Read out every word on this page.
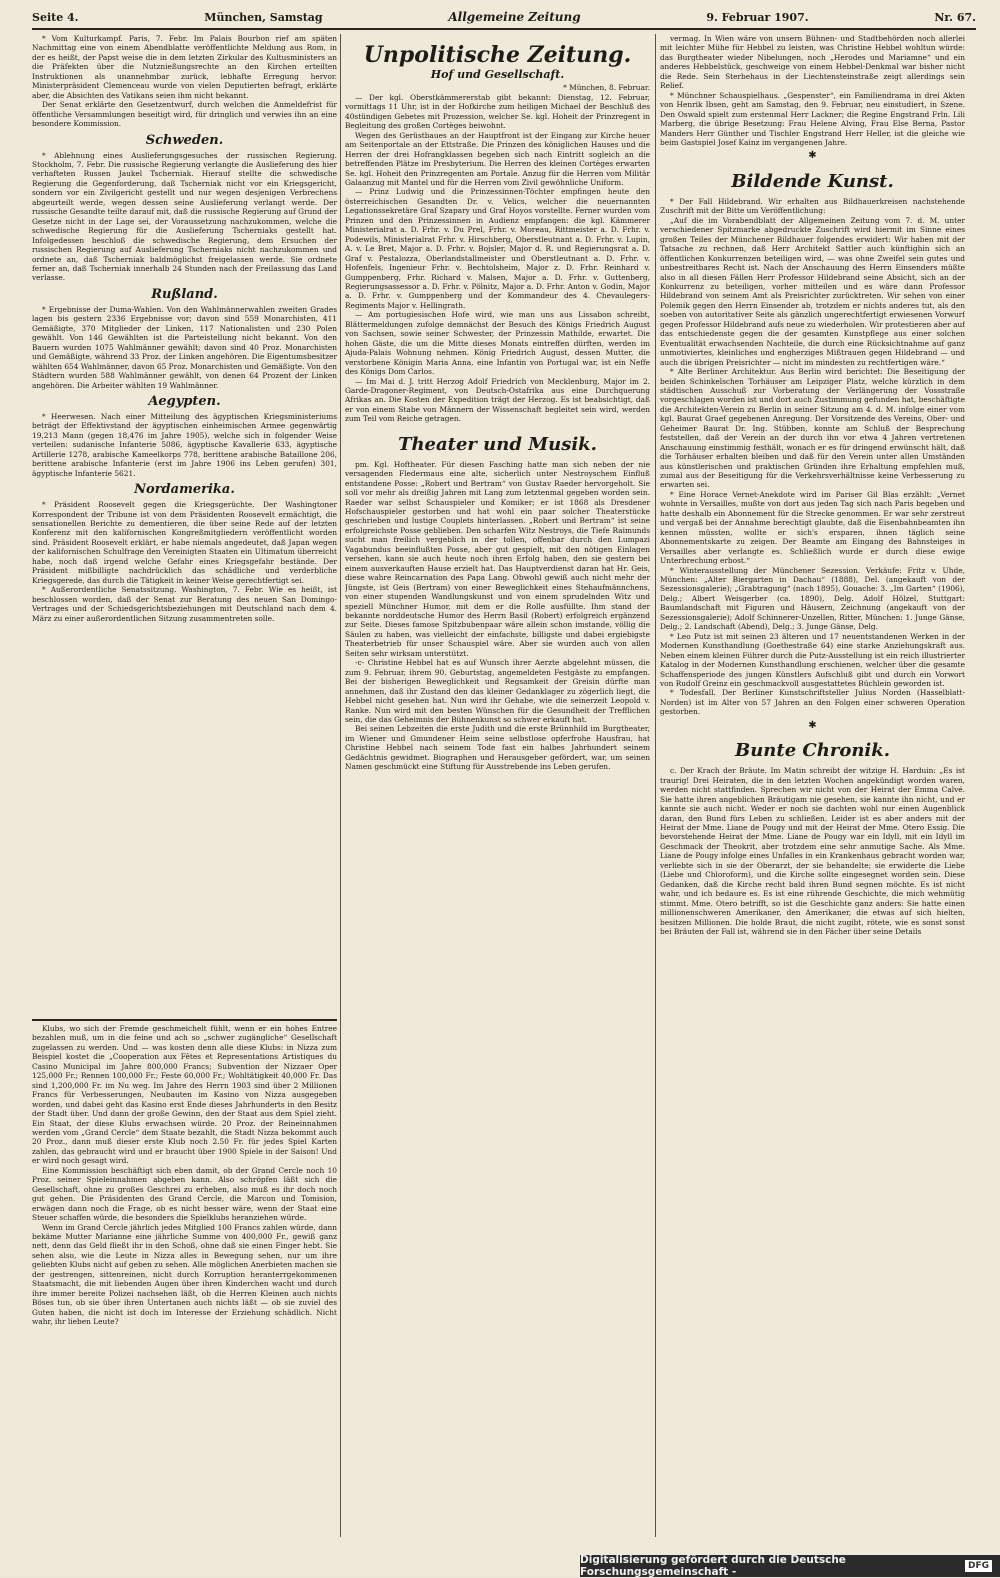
Seite 4.	München, Samstag	Allgemeine Zeitung	9. Februar 1907.	Nr. 67.

* Vom Kulturkampf. Paris, 7. Febr. Im Palais Bourbon rief am späten Nachmittag eine von einem Abendblatte veröffentlichte Meldung aus Rom, in der es heißt, der Papst weise die in dem letzten Zirkular des Kultusministers an die Präfekten über die Nutznießungsrechte an den Kirchen erteilten Instruktionen als unannehmbar zurück, lebhafte Erregung hervor. Ministerpräsident Clemenceau wurde von vielen Deputierten befragt, erklärte aber, die Absichten des Vatikans seien ihm nicht bekannt.

Der Senat erklärte den Gesetzentwurf, durch welchen die Anmeldefrist für öffentliche Versammlungen beseitigt wird, für dringlich und verwies ihn an eine besondere Kommission.

Schweden.

* Ablehnung eines Auslieferungsgesuches der russischen Regierung. Stockholm, 7. Febr. Die russische Regierung verlangte die Auslieferung des hier verhafteten Russen Jaukel Tscherniak. Hierauf stellte die schwedische Regierung die Gegenforderung, daß Tscherniak nicht vor ein Kriegsgericht, sondern vor ein Zivilgericht gestellt und nur wegen desjenigen Verbrechens abgeurteilt werde, wegen dessen seine Auslieferung verlangt werde. Der russische Gesandte teilte darauf mit, daß die russische Regierung auf Grund der Gesetze nicht in der Lage sei, der Voraussetzung nachzukommen, welche die schwedische Regierung für die Auslieferung Tscherniaks gestellt hat. Infolgedessen beschloß die schwedische Regierung, dem Ersuchen der russischen Regierung auf Auslieferung Tscherniaks nicht nachzukommen und ordnete an, daß Tscherniak baldmöglichst freigelassen werde. Sie ordnete ferner an, daß Tscherniak innerhalb 24 Stunden nach der Freilassung das Land verlasse.

Rußland.

* Ergebnisse der Duma-Wahlen. Von den Wahlmännerwahlen zweiten Grades lagen bis gestern 2336 Ergebnisse vor; davon sind 559 Monarchisten, 411 Gemäßigte, 370 Mitglieder der Linken, 117 Nationalisten und 230 Polen gewählt. Von 146 Gewählten ist die Parteistellung nicht bekannt. Von den Bauern wurden 1075 Wahlmänner gewählt; davon sind 40 Proz. Monarchisten und Gemäßigte, während 33 Proz. der Linken angehören. Die Eigentumsbesitzer wählten 654 Wahlmänner, davon 65 Proz. Monarchisten und Gemäßigte. Von den Städtern wurden 588 Wahlmänner gewählt, von denen 64 Prozent der Linken angehören. Die Arbeiter wählten 19 Wahlmänner.

Aegypten.

* Heerwesen. Nach einer Mitteilung des ägyptischen Kriegsministeriums beträgt der Effektivstand der ägyptischen einheimischen Armee gegenwärtig 19,213 Mann (gegen 18,476 im Jahre 1905), welche sich in folgender Weise verteilen: sudanische Infanterie 5086, ägyptische Kavallerie 633, ägyptische Artillerie 1278, arabische Kameelkorps 778, berittene arabische Bataillone 206, berittene arabische Infanterie (erst im Jahre 1906 ins Leben gerufen) 301, ägyptische Infanterie 5621.

Nordamerika.

* Präsident Roosevelt gegen die Kriegsgerüchte. Der Washingtoner Korrespondent der Tribune ist von dem Präsidenten Roosevelt ermächtigt, die sensationellen Berichte zu dementieren, die über seine Rede auf der letzten Konferenz mit den kalifornischen Kongreßmitgliedern veröffentlicht worden sind. Präsident Roosevelt erklärt, er habe niemals angedeutet, daß Japan wegen der kalifornischen Schulfrage den Vereinigten Staaten ein Ultimatum überreicht habe, noch daß irgend welche Gefahr eines Kriegsgefahr bestände. Der Präsident mißbilligte nachdrücklich das schädliche und verderbliche Kriegsgerede, das durch die Tätigkeit in keiner Weise gerechtfertigt sei.

* Außerordentliche Senatssitzung. Washington, 7. Febr. Wie es heißt, ist beschlossen worden, daß der Senat zur Beratung des neuen San Domingo-Vertrages und der Schiedsgerichtsbeziehungen mit Deutschland nach dem 4. März zu einer außerordentlichen Sitzung zusammentreten solle.

Klubs, wo sich der Fremde geschmeichelt fühlt, wenn er ein hohes Entree bezahlen muß, um in die feine und ach so „schwer zugängliche“ Gesellschaft zugelassen zu werden. Und — was kosten denn alle diese Klubs: in Nizza zum Beispiel kostet die „Cooperation aux Fêtes et Representations Artistiques du Casino Municipal im Jahre 800,000 Francs; Subvention der Nizzaer Oper 125,000 Fr.; Rennen 100,000 Fr.; Feste 60,000 Fr.; Wohltätigkeit 40,000 Fr. Das sind 1,200,000 Fr. im Nu weg. Im Jahre des Herrn 1903 sind über 2 Millionen Francs für Verbesserungen, Neubauten im Kasino von Nizza ausgegeben worden, und dabei geht das Kasino erst Ende dieses Jahrhunderts in den Besitz der Stadt über. Und dann der große Gewinn, den der Staat aus dem Spiel zieht. Ein Staat, der diese Klubs erwachsen würde. 20 Proz. der Reineinnahmen werden vom „Grand Cercle“ dem Staate bezahlt, die Stadt Nizza bekommt auch 20 Proz., dann muß dieser erste Klub noch 2.50 Fr. für jedes Spiel Karten zahlen, das gebraucht wird und er braucht über 1900 Spiele in der Saison! Und er wird noch gesagt wird.

Eine Kommission beschäftigt sich eben damit, ob der Grand Cercle noch 10 Proz. seiner Spieleinnahmen abgeben kann. Also schröpfen läßt sich die Gesellschaft, ohne zu großes Geschrei zu erheben, also muß es ihr doch noch gut gehen. Die Präsidenten des Grand Cercle, die Marcon und Tomision, erwägen dann noch die Frage, ob es nicht besser wäre, wenn der Staat eine Steuer schaffen würde, die besonders die Spielklubs heranziehen würde.

Wenn im Grand Cercle jährlich jedes Mitglied 100 Francs zahlen würde, dann bekäme Mutter Marianne eine jährliche Summe von 400,000 Fr., gewiß ganz nett, denn das Geld fließt ihr in den Schoß, ohne daß sie einen Finger hebt. Sie sehen also, wie die Leute in Nizza alles in Bewegung sehen, nur um ihre geliebten Klubs nicht auf geben zu sehen. Alle möglichen Anerbieten machen sie der gestrengen, sittenreinen, nicht durch Korruption heranterrgekommenen Staatsmacht, die mit liebenden Augen über ihren Kinderchen wacht und durch ihre immer bereite Polizei nachsehen läßt, ob die Herren Kleinen auch nichts Böses tun, ob sie über ihren Untertanen auch nichts läßt — ob sie zuviel des Guten haben, die nicht ist doch im Interesse der Erziehung schädlich. Nicht wahr, ihr lieben Leute?

Unpolitische Zeitung.
Hof und Gesellschaft.

* München, 8. Februar.

— Der kgl. Oberstkämmererstab gibt bekannt: Dienstag, 12. Februar, vormittags 11 Uhr, ist in der Hofkirche zum heiligen Michael der Beschluß des 40stündigen Gebetes mit Prozession, welcher Se. kgl. Hoheit der Prinzregent in Begleitung des großen Cortèges beiwohnt.

Wegen des Gerüstbaues an der Hauptfront ist der Eingang zur Kirche heuer am Seitenportale an der Ettstraße. Die Prinzen des königlichen Hauses und die Herren der drei Hofrangklassen begeben sich nach Eintritt sogleich an die betreffenden Plätze im Presbyterium. Die Herren des kleinen Cortèges erwarten Se. kgl. Hoheit den Prinzregenten am Portale. Anzug für die Herren vom Militär Galaanzug mit Mantel und für die Herren vom Zivil gewöhnliche Uniform.

— Prinz Ludwig und die Prinzessinnen-Töchter empfingen heute den österreichischen Gesandten Dr. v. Velics, welcher die neuernannten Legationssekretäre Graf Szapary und Graf Hoyos vorstellte. Ferner wurden vom Prinzen und den Prinzessinnen in Audienz empfangen: die kgl. Kämmerer Ministerialrat a. D. Frhr. v. Du Prel, Frhr. v. Moreau, Rittmeister a. D. Frhr. v. Podewils, Ministerialrat Frhr. v. Hirschberg, Oberstleutnant a. D. Frhr. v. Lupin, A. v. Le Bret, Major a. D. Frhr. v. Bojsler, Major d. R. und Regierungsrat a. D. Graf v. Pestalozza, Oberlandstallmeister und Oberstleutnant a. D. Frhr. v. Hofenfels, Ingenieur Frhr. v. Bechtolsheim, Major z. D. Frhr. Reinhard v. Gumppenberg, Frhr. Richard v. Malsen, Major a. D. Frhr. v. Guttenberg, Regierungsassessor a. D. Frhr. v. Pölnitz, Major a. D. Frhr. Anton v. Godin, Major a. D. Frhr. v. Gumppenberg und der Kommandeur des 4. Chevaulegers-Regiments Major v. Hellingrath.

— Am portugiesischen Hofe wird, wie man uns aus Lissabon schreibt, Blättermeldungen zufolge demnächst der Besuch des Königs Friedrich August von Sachsen, sowie seiner Schwester, der Prinzessin Mathilde, erwartet. Die hohen Gäste, die um die Mitte dieses Monats eintreffen dürften, werden im Ajuda-Palais Wohnung nehmen. König Friedrich August, dessen Mutter, die verstorbene Königin Maria Anna, eine Infantin von Portugal war, ist ein Neffe des Königs Dom Carlos.

— Im Mai d. J. tritt Herzog Adolf Friedrich von Mecklenburg, Major im 2. Garde-Dragoner-Regiment, von Deutsch-Ostafrika aus eine Durchquerung Afrikas an. Die Kosten der Expedition trägt der Herzog. Es ist beabsichtigt, daß er von einem Stabe von Männern der Wissenschaft begleitet sein wird, werden zum Teil vom Reiche getragen.

Theater und Musik.

pm. Kgl. Hoftheater. Für diesen Fasching hatte man sich neben der nie versagenden Fledermaus eine alte, sicherlich unter Nestroyschem Einfluß entstandene Posse: „Robert und Bertram“ von Gustav Raeder hervorgeholt. Sie soll vor mehr als dreißig Jahren mit Lang zum letztenmal gegeben worden sein. Raeder war selbst Schauspieler und Komiker; er ist 1868 als Dresdener Hofschauspieler gestorben und hat wohl ein paar solcher Theaterstücke geschrieben und lustige Couplets hinterlassen. „Robert und Bertram“ ist seine erfolgreichste Posse geblieben. Den scharfen Witz Nestroys, die Tiefe Raimunds sucht man freilich vergeblich in der tollen, offenbar durch den Lumpazi Vagabundus beeinflußten Posse, aber gut gespielt, mit den nötigen Einlagen versehen, kann sie auch heute noch ihren Erfolg haben, den sie gestern bei einem ausverkauften Hause erzielt hat. Das Hauptverdienst daran hat Hr. Geis, diese wahre Reincarnation des Papa Lang. Obwohl gewiß auch nicht mehr der Jüngste, ist Geis (Bertram) von einer Beweglichkeit eines Stehaufmännchens, von einer stupenden Wandlungskunst und von einem sprudelnden Witz und speziell Münchner Humor, mit dem er die Rolle ausfüllte. Ihm stand der bekannte norddeutsche Humor des Herrn Basil (Robert) erfolgreich ergänzend zur Seite. Dieses famose Spitzbubenpaar wäre allein schon imstande, völlig die Säulen zu haben, was vielleicht der einfachste, billigste und dabei ergiebigste Theaterbetrieb für unser Schauspiel wäre. Aber sie wurden auch von allen Seiten sehr wirksam unterstützt.

-c- Christine Hebbel hat es auf Wunsch ihrer Aerzte abgelehnt müssen, die zum 9. Februar, ihrem 90. Geburtstag, angemeldeten Festgäste zu empfangen. Bei der bisherigen Beweglichkeit und Regsamkeit der Greisin dürfte man annehmen, daß ihr Zustand den das kleiner Gedanklager zu zögerlich liegt, die Hebbel nicht gesehen hat. Nun wird ihr Gehabe, wie die seinerzeit Leopold v. Ranke. Nun wird mit den besten Wünschen für die Gesundheit der Trefflichen sein, die das Geheimnis der Bühnenkunst so schwer erkauft hat.

Bei seinen Lebzeiten die erste Judith und die erste Brünnhild im Burgtheater, im Wiener und Gmundener Heim seine selbstlose opferfrohe Hausfrau, hat Christine Hebbel nach seinem Tode fast ein halbes Jahrhundert seinem Gedächtnis gewidmet. Biographen und Herausgeber gefördert, war, um seinen Namen geschmückt eine Stiftung für Ausstrebende ins Leben gerufen.

vermag. In Wien wäre von unsern Bühnen- und Stadtbehörden noch allerlei mit leichter Mühe für Hebbel zu leisten, was Christine Hebbel wohltun würde: das Burgtheater wieder Nibelungen, noch „Herodes und Mariamne“ und ein anderes Hebbelstück, geschweige von einem Hebbel-Denkmal war bisher nicht die Rede. Sein Sterbehaus in der Liechtensteinstraße zeigt allerdings sein Relief.

* Münchner Schauspielhaus. „Gespenster“, ein Familiendrama in drei Akten von Henrik Ibsen, geht am Samstag, den 9. Februar, neu einstudiert, in Szene. Den Oswald spielt zum erstenmal Herr Lackner; die Regine Engstrand Frln. Lili Marberg, die übrige Besetzung: Frau Helene Alving, Frau Else Berna, Pastor Manders Herr Günther und Tischler Engstrand Herr Heller, ist die gleiche wie beim Gastspiel Josef Kainz im vergangenen Jahre.

✱
Bildende Kunst.

* Der Fall Hildebrand. Wir erhalten aus Bildhauerkreisen nachstehende Zuschrift mit der Bitte um Veröffentlichung:

„Auf die im Vorabendblatt der Allgemeinen Zeitung vom 7. d. M. unter verschiedener Spitzmarke abgedruckte Zuschrift wird hiermit im Sinne eines großen Teiles der Münchener Bildhauer folgendes erwidert: Wir haben mit der Tatsache zu rechnen, daß Herr Architekt Sattler auch künftighin sich an öffentlichen Konkurrenzen beteiligen wird, — was ohne Zweifel sein gutes und unbestreitbares Recht ist. Nach der Anschauung des Herrn Einsenders müßte also in all diesen Fällen Herr Professor Hildebrand seine Absicht, sich an der Konkurrenz zu beteiligen, vorher mitteilen und es wäre dann Professor Hildebrand von seinem Amt als Preisrichter zurücktreten. Wir sehen von einer Polemik gegen den Herrn Einsender ab, trotzdem er nichts anderes tut, als den soeben von autoritativer Seite als gänzlich ungerechtfertigt erwiesenen Vorwurf gegen Professor Hildebrand aufs neue zu wiederholen. Wir protestieren aber auf das entschiedenste gegen die der gesamten Kunstpflege aus einer solchen Eventualität erwachsenden Nachteile, die durch eine Rücksichtnahme auf ganz unmotiviertes, kleinliches und engherziges Mißtrauen gegen Hildebrand — und auch die übrigen Preisrichter — nicht im mindesten zu rechtfertigen wäre.“

* Alte Berliner Architektur. Aus Berlin wird berichtet: Die Beseitigung der beiden Schinkelschen Torhäuser am Leipziger Platz, welche kürzlich in dem städtischen Ausschuß zur Vorberatung der Verlängerung der Vossstraße vorgeschlagen worden ist und dort auch Zustimmung gefunden hat, beschäftigte die Architekten-Verein zu Berlin in seiner Sitzung am 4. d. M. infolge einer vom kgl. Baurat Graef gegebenen Anregung. Der Vorsitzende des Vereins, Ober- und Geheimer Baurat Dr. Ing. Stübben, konnte am Schluß der Besprechung feststellen, daß der Verein an der durch ihn vor etwa 4 Jahren vertretenen Anschauung einstimmig festhält, wonach er es für dringend erwünscht hält, daß die Torhäuser erhalten bleiben und daß für den Verein unter allen Umständen aus künstlerischen und praktischen Gründen ihre Erhaltung empfehlen muß, zumal aus der Beseitigung für die Verkehrsverhältnisse keine Verbesserung zu erwarten sei.

* Eine Horace Vernet-Anekdote wird im Pariser Gil Blas erzählt: „Vernet wohnte in Versailles, mußte von dort aus jeden Tag sich nach Paris begeben und hatte deshalb ein Abonnement für die Strecke genommen. Er war sehr zerstreut und vergaß bei der Annahme berechtigt glaubte, daß die Eisenbahnbeamten ihn kennen müssten, wollte er sich's ersparen, ihnen täglich seine Abonnementskarte zu zeigen. Der Beamte am Eingang des Bahnsteiges in Versailles aber verlangte es. Schließlich wurde er durch diese ewige Unterbrechung erbost.“

* Winterausstellung der Münchener Sezession. Verkäufe: Fritz v. Uhde, München: „Alter Biergarten in Dachau“ (1888), Del. (angekauft von der Sezessionsgalerie); „Grabtragung“ (nach 1895), Gouache: 3. „Im Garten“ (1906), Delg.; Albert Weisgerber (ca. 1890), Delg. Adolf Hölzel, Stuttgart: Baumlandschaft mit Figuren und Häusern, Zeichnung (angekauft von der Sezessionsgalerie); Adolf Schinnerer-Unzellen, Ritter, München: 1. Junge Gänse, Delg.; 2. Landschaft (Abend), Delg.; 3. Junge Gänse, Delg.

* Leo Putz ist mit seinen 23 älteren und 17 neuentstandenen Werken in der Modernen Kunsthandlung (Goethestraße 64) eine starke Anziehungskraft aus. Neben einem kleinen Führer durch die Putz-Ausstellung ist ein reich illustrierter Katalog in der Modernen Kunsthandlung erschienen, welcher über die gesamte Schaffensperiode des jungen Künstlers Aufschluß gibt und durch ein Vorwort von Rudolf Greinz ein geschmackvoll ausgestattetes Büchlein geworden ist.

* Todesfall. Der Berliner Kunstschriftsteller Julius Norden (Hasselblatt-Norden) ist im Alter von 57 Jahren an den Folgen einer schweren Operation gestorben.

✱
Bunte Chronik.

c. Der Krach der Bräute. Im Matin schreibt der witzige H. Harduin: „Es ist traurig! Drei Heiraten, die in den letzten Wochen angekündigt worden waren, werden nicht stattfinden. Sprechen wir nicht von der Heirat der Emma Calvé. Sie hatte ihren angeblichen Bräutigam nie gesehen, sie kannte ihn nicht, und er kannte sie auch nicht. Weder er noch sie dachten wohl nur einen Augenblick daran, den Bund fürs Leben zu schließen. Leider ist es aber anders mit der Heirat der Mme. Liane de Pougy und mit der Heirat der Mme. Otero Essig. Die bevorstehende Heirat der Mme. Liane de Pougy war ein Idyll, mit ein Idyll im Geschmack der Theokrit, aber trotzdem eine sehr anmutige Sache. Als Mme. Liane de Pougy infolge eines Unfalles in ein Krankenhaus gebracht worden war, verliebte sich in sie der Oberarzt, der sie behandelte; sie erwiderte die Liebe (Liebe und Chloroform), und die Kirche sollte eingesegnet worden sein. Diese Gedanken, daß die Kirche recht bald ihren Bund segnen möchte. Es ist nicht wahr, und ich bedaure es. Es ist eine rührende Geschichte, die mich wehmütig stimmt. Mme. Otero betrifft, so ist die Geschichte ganz anders: Sie hatte einen millionenschweren Amerikaner, den Amerikaner, die etwas auf sich hielten, besitzen Millionen. Die holde Braut, die nicht zugibt, rötete, wie es sonst sonst bei Bräuten der Fall ist, während sie in den Fächer über seine Details

Digitalisierung gefördert durch die Deutsche Forschungsgemeinschaft -	DFG
